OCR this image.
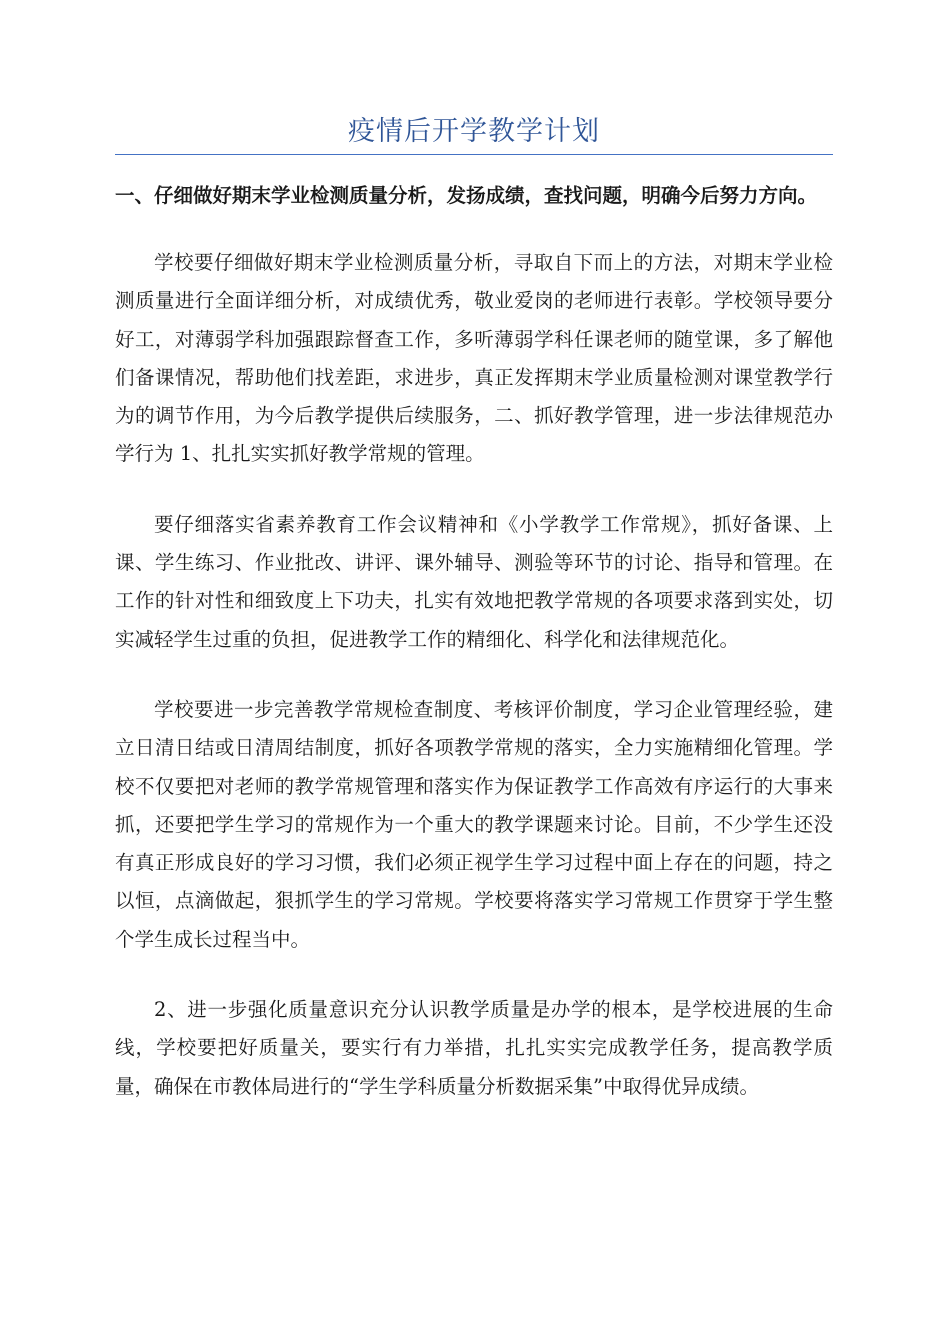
疫情后开学教学计划

一、仔细做好期末学业检测质量分析，发扬成绩，查找问题，明确今后努力方向。

学校要仔细做好期末学业检测质量分析，寻取自下而上的方法，对期末学业检测质量进行全面详细分析，对成绩优秀，敬业爱岗的老师进行表彰。学校领导要分好工，对薄弱学科加强跟踪督查工作，多听薄弱学科任课老师的随堂课，多了解他们备课情况，帮助他们找差距，求进步，真正发挥期末学业质量检测对课堂教学行为的调节作用，为今后教学提供后续服务，二、抓好教学管理，进一步法律规范办学行为 1、扎扎实实抓好教学常规的管理。

要仔细落实省素养教育工作会议精神和《小学教学工作常规》，抓好备课、上课、学生练习、作业批改、讲评、课外辅导、测验等环节的讨论、指导和管理。在工作的针对性和细致度上下功夫，扎实有效地把教学常规的各项要求落到实处，切实减轻学生过重的负担，促进教学工作的精细化、科学化和法律规范化。

学校要进一步完善教学常规检查制度、考核评价制度，学习企业管理经验，建立日清日结或日清周结制度，抓好各项教学常规的落实，全力实施精细化管理。学校不仅要把对老师的教学常规管理和落实作为保证教学工作高效有序运行的大事来抓，还要把学生学习的常规作为一个重大的教学课题来讨论。目前，不少学生还没有真正形成良好的学习习惯，我们必须正视学生学习过程中面上存在的问题，持之以恒，点滴做起，狠抓学生的学习常规。学校要将落实学习常规工作贯穿于学生整个学生成长过程当中。

2、进一步强化质量意识充分认识教学质量是办学的根本，是学校进展的生命线，学校要把好质量关，要实行有力举措，扎扎实实完成教学任务，提高教学质量，确保在市教体局进行的“学生学科质量分析数据采集”中取得优异成绩。
